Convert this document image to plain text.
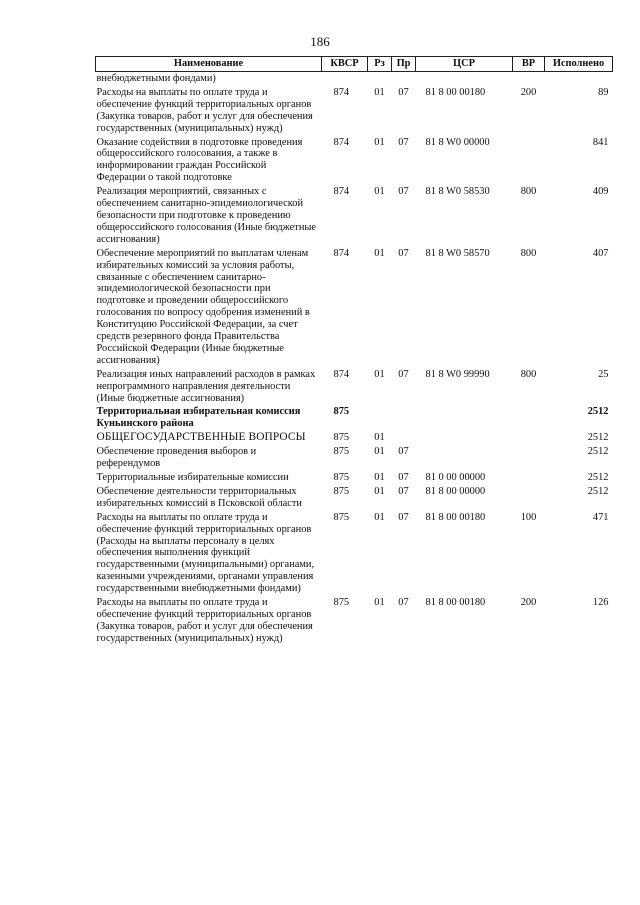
186
Наименование	КВСР	Рз	Пр	ЦСР	ВР	Исполнено
внебюджетными фондами)						
Расходы на выплаты по оплате труда и обеспечение функций территориальных органов (Закупка товаров, работ и услуг для обеспечения государственных (муниципальных) нужд)	874	01	07	81 8 00 00180	200	89
Оказание содействия в подготовке проведения общероссийского голосования, а также в информировании граждан Российской Федерации о такой подготовке	874	01	07	81 8 W0 00000		841
Реализация мероприятий, связанных с обеспечением санитарно-эпидемиологической безопасности при подготовке к проведению общероссийского голосования (Иные бюджетные ассигнования)	874	01	07	81 8 W0 58530	800	409
Обеспечение мероприятий по выплатам членам избирательных комиссий за условия работы, связанные с обеспечением санитарно-эпидемиологической безопасности при подготовке и проведении общероссийского голосования по вопросу одобрения изменений в Конституцию Российской Федерации, за счет средств резервного фонда Правительства Российской Федерации (Иные бюджетные ассигнования)	874	01	07	81 8 W0 58570	800	407
Реализация иных направлений расходов в рамках непрограммного направления деятельности (Иные бюджетные ассигнования)	874	01	07	81 8 W0 99990	800	25
Территориальная избирательная комиссия Куньинского района	875					2512
ОБЩЕГОСУДАРСТВЕННЫЕ ВОПРОСЫ	875	01				2512
Обеспечение проведения выборов и референдумов	875	01	07			2512
Территориальные избирательные комиссии	875	01	07	81 0 00 00000		2512
Обеспечение деятельности территориальных избирательных комиссий в Псковской области	875	01	07	81 8 00 00000		2512
Расходы на выплаты по оплате труда и обеспечение функций территориальных органов (Расходы на выплаты персоналу в целях обеспечения выполнения функций государственными (муниципальными) органами, казенными учреждениями, органами управления государственными внебюджетными фондами)	875	01	07	81 8 00 00180	100	471
Расходы на выплаты по оплате труда и обеспечение функций территориальных органов (Закупка товаров, работ и услуг для обеспечения государственных (муниципальных) нужд)	875	01	07	81 8 00 00180	200	126
